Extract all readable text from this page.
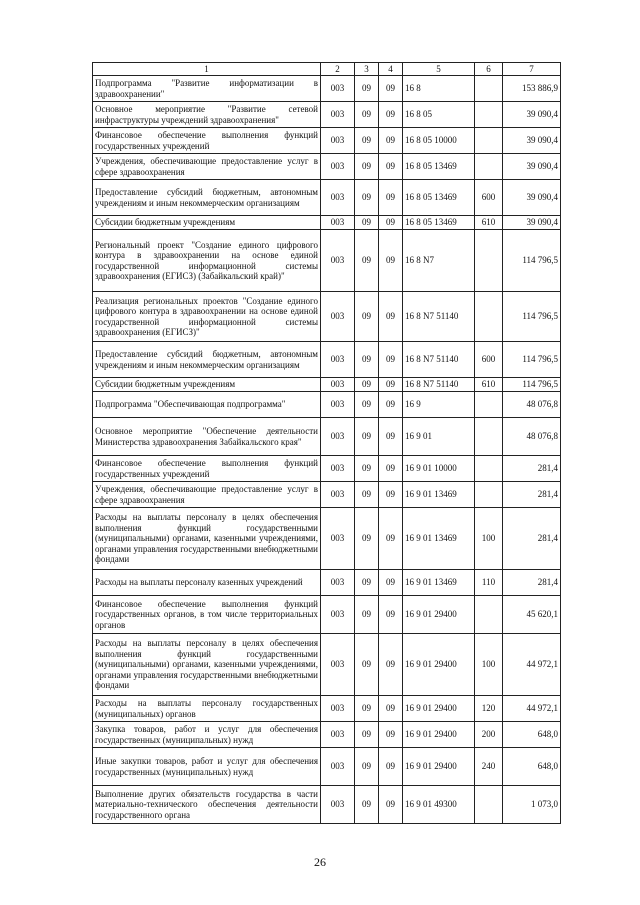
1	2	3	4	5	6	7
Подпрограмма "Развитие информатизации в здравоохранении"	003	09	09	16 8		153 886,9
Основное мероприятие "Развитие сетевой инфраструктуры учреждений здравоохранения"	003	09	09	16 8 05		39 090,4
Финансовое обеспечение выполнения функций государственных учреждений	003	09	09	16 8 05 10000		39 090,4
Учреждения, обеспечивающие предоставление услуг в сфере здравоохранения	003	09	09	16 8 05 13469		39 090,4
Предоставление субсидий бюджетным, автономным учреждениям и иным некоммерческим организациям	003	09	09	16 8 05 13469	600	39 090,4
Субсидии бюджетным учреждениям	003	09	09	16 8 05 13469	610	39 090,4
Региональный проект "Создание единого цифрового контура в здравоохранении на основе единой государственной информационной системы здравоохранения (ЕГИСЗ) (Забайкальский край)"	003	09	09	16 8 N7		114 796,5
Реализация региональных проектов "Создание единого цифрового контура в здравоохранении на основе единой государственной информационной системы здравоохранения (ЕГИСЗ)"	003	09	09	16 8 N7 51140		114 796,5
Предоставление субсидий бюджетным, автономным учреждениям и иным некоммерческим организациям	003	09	09	16 8 N7 51140	600	114 796,5
Субсидии бюджетным учреждениям	003	09	09	16 8 N7 51140	610	114 796,5
Подпрограмма "Обеспечивающая подпрограмма"	003	09	09	16 9		48 076,8
Основное мероприятие "Обеспечение деятельности Министерства здравоохранения Забайкальского края"	003	09	09	16 9 01		48 076,8
Финансовое обеспечение выполнения функций государственных учреждений	003	09	09	16 9 01 10000		281,4
Учреждения, обеспечивающие предоставление услуг в сфере здравоохранения	003	09	09	16 9 01 13469		281,4
Расходы на выплаты персоналу в целях обеспечения выполнения функций государственными (муниципальными) органами, казенными учреждениями, органами управления государственными внебюджетными фондами	003	09	09	16 9 01 13469	100	281,4
Расходы на выплаты персоналу казенных учреждений	003	09	09	16 9 01 13469	110	281,4
Финансовое обеспечение выполнения функций государственных органов, в том числе территориальных органов	003	09	09	16 9 01 29400		45 620,1
Расходы на выплаты персоналу в целях обеспечения выполнения функций государственными (муниципальными) органами, казенными учреждениями, органами управления государственными внебюджетными фондами	003	09	09	16 9 01 29400	100	44 972,1
Расходы на выплаты персоналу государственных (муниципальных) органов	003	09	09	16 9 01 29400	120	44 972,1
Закупка товаров, работ и услуг для обеспечения государственных (муниципальных) нужд	003	09	09	16 9 01 29400	200	648,0
Иные закупки товаров, работ и услуг для обеспечения государственных (муниципальных) нужд	003	09	09	16 9 01 29400	240	648,0
Выполнение других обязательств государства в части материально-технического обеспечения деятельности государственного органа	003	09	09	16 9 01 49300		1 073,0
26
